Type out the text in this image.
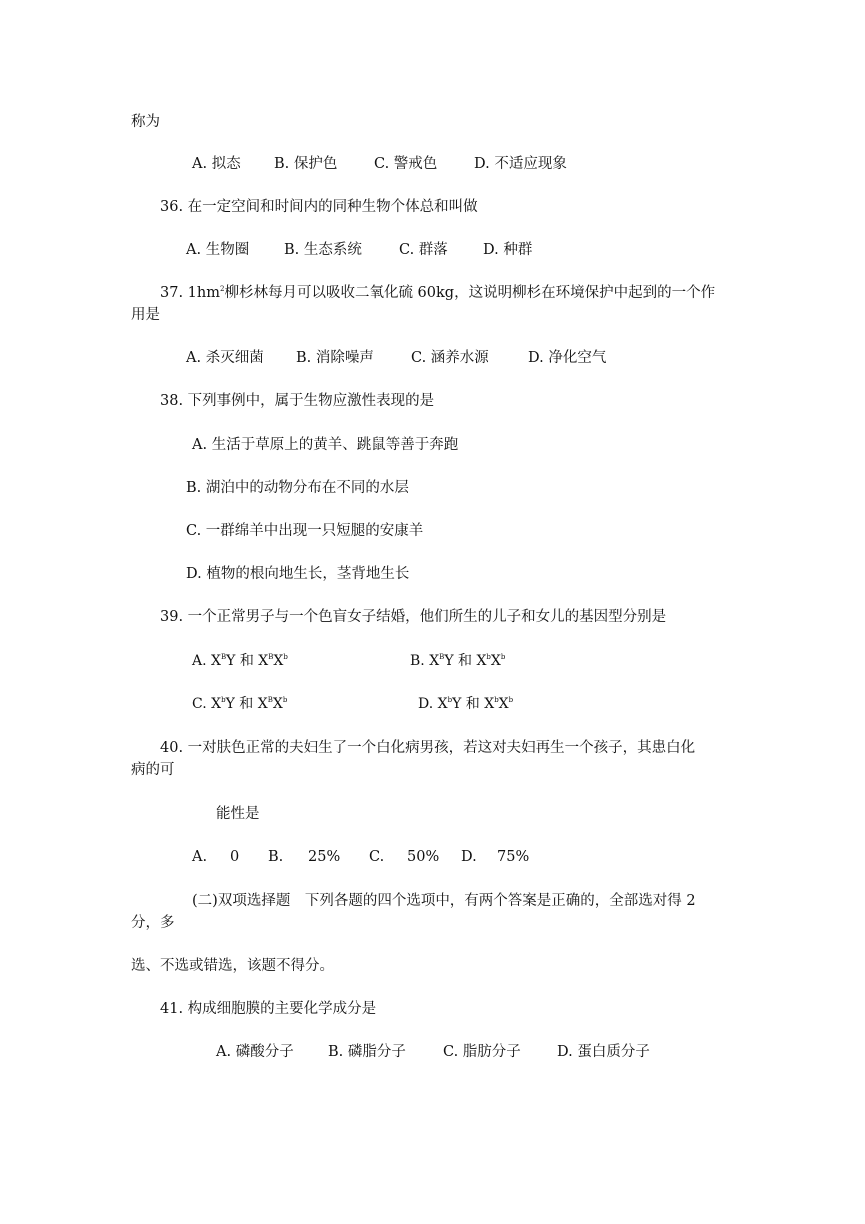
称为
A. 拟态 B. 保护色	C. 警戒色	D. 不适应现象
36. 在一定空间和时间内的同种生物个体总和叫做
A. 生物圈 B. 生态系统	C. 群落 D. 种群
37. $1hm^2$柳杉林每月可以吸收二氧化硫 60kg，这说明柳杉在环境保护中起到的一个作
用是
A. 杀灭细菌 B. 消除噪声	C. 涵养水源	D. 净化空气
38. 下列事例中，属于生物应激性表现的是
A. 生活于草原上的黄羊、跳鼠等善于奔跑
B. 湖泊中的动物分布在不同的水层
C. 一群绵羊中出现一只短腿的安康羊
D. 植物的根向地生长，茎背地生长
39. 一个正常男子与一个色盲女子结婚，他们所生的儿子和女儿的基因型分别是
A. $X^BY$ 和 $X^BX^b$	B. $X^BY$ 和 $X^bX^b$
C. $X^bY$ 和 $X^BX^b$	D. $X^bY$ 和 $X^bX^b$
40. 一对肤色正常的夫妇生了一个白化病男孩，若这对夫妇再生一个孩子，其患白化
病的可
能性是
A. 0 B. 25% C. 50% D. 75%
(二)双项选择题　下列各题的四个选项中，有两个答案是正确的，全部选对得 2
分，多
选、不选或错选，该题不得分。
41. 构成细胞膜的主要化学成分是
A. 磷酸分子 B. 磷脂分子	C. 脂肪分子 D. 蛋白质分子
